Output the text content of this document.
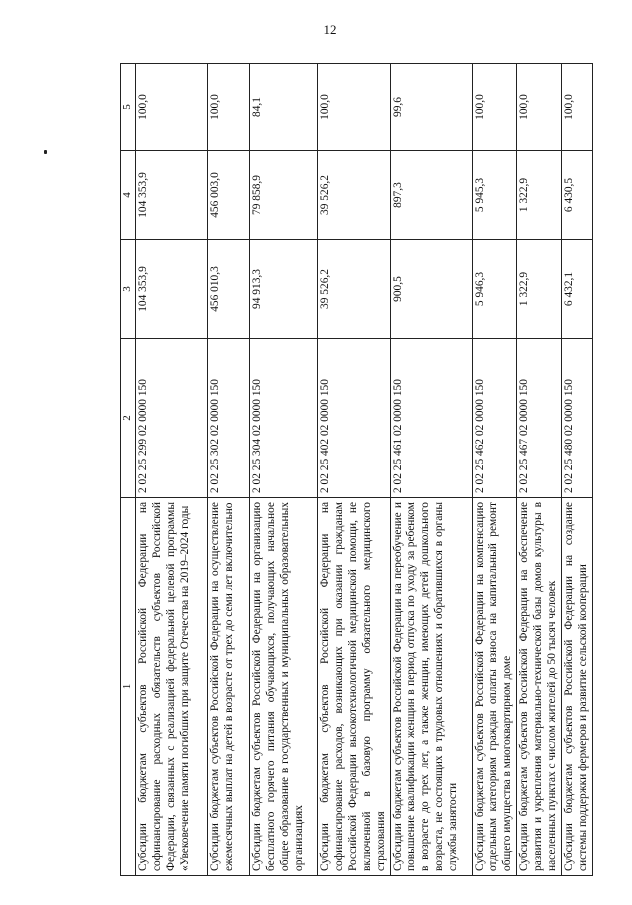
12
1	2	3	4	5
Субсидии бюджетам субъектов Российской Федерации на софинансирование расходных обязательств субъектов Российской Федерации, связанных с реализацией федеральной целевой программы «Увековечение памяти погибших при защите Отечества на 2019–2024 годы	2 02 25 299 02 0000 150	104 353,9	104 353,9	100,0
Субсидии бюджетам субъектов Российской Федерации на осуществление ежемесячных выплат на детей в возрасте от трех до семи лет включительно	2 02 25 302 02 0000 150	456 010,3	456 003,0	100,0
Субсидии бюджетам субъектов Российской Федерации на организацию бесплатного горячего питания обучающихся, получающих начальное общее образование в государственных и муниципальных образовательных организациях	2 02 25 304 02 0000 150	94 913,3	79 858,9	84,1
Субсидии бюджетам субъектов Российской Федерации на софинансирование расходов, возникающих при оказании гражданам Российской Федерации высокотехнологичной медицинской помощи, не включенной в базовую программу обязательного медицинского страхования	2 02 25 402 02 0000 150	39 526,2	39 526,2	100,0
Субсидии бюджетам субъектов Российской Федерации на переобучение и повышение квалификации женщин в период отпуска по уходу за ребенком в возрасте до трех лет, а также женщин, имеющих детей дошкольного возраста, не состоящих в трудовых отношениях и обратившихся в органы службы занятости	2 02 25 461 02 0000 150	900,5	897,3	99,6
Субсидии бюджетам субъектов Российской Федерации на компенсацию отдельным категориям граждан оплаты взноса на капитальный ремонт общего имущества в многоквартирном доме	2 02 25 462 02 0000 150	5 946,3	5 945,3	100,0
Субсидии бюджетам субъектов Российской Федерации на обеспечение развития и укрепления материально-технической базы домов культуры в населенных пунктах с числом жителей до 50 тысяч человек	2 02 25 467 02 0000 150	1 322,9	1 322,9	100,0
Субсидии бюджетам субъектов Российской Федерации на создание системы поддержки фермеров и развитие сельской кооперации	2 02 25 480 02 0000 150	6 432,1	6 430,5	100,0
